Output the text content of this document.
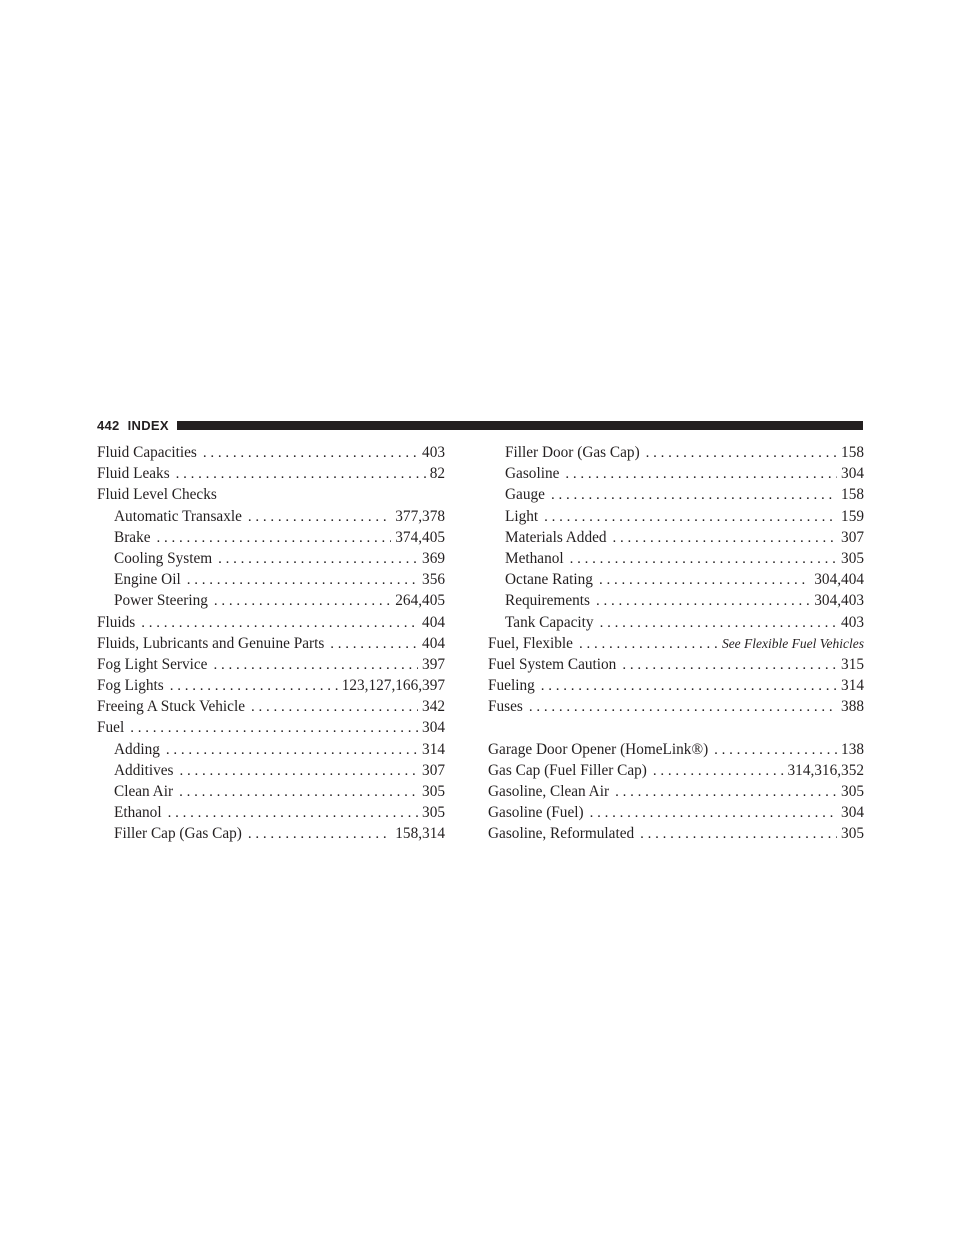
442 INDEX
Fluid Capacities . . .	403
Fluid Leaks . . .	82
Fluid Level Checks
Automatic Transaxle . . .	377,378
Brake . . .	374,405
Cooling System . . .	369
Engine Oil . . .	356
Power Steering . . .	264,405
Fluids . . .	404
Fluids, Lubricants and Genuine Parts . . .	404
Fog Light Service . . .	397
Fog Lights . . .	123,127,166,397
Freeing A Stuck Vehicle . . .	342
Fuel . . .	304
Adding . . .	314
Additives . . .	307
Clean Air . . .	305
Ethanol . . .	305
Filler Cap (Gas Cap) . . .	158,314
Filler Door (Gas Cap) . . .	158
Gasoline . . .	304
Gauge . . .	158
Light . . .	159
Materials Added . . .	307
Methanol . . .	305
Octane Rating . . .	304,404
Requirements . . .	304,403
Tank Capacity . . .	403
Fuel, Flexible . . .	See Flexible Fuel Vehicles
Fuel System Caution . . .	315
Fueling . . .	314
Fuses . . .	388
Garage Door Opener (HomeLink®) . . .	138
Gas Cap (Fuel Filler Cap) . . .	314,316,352
Gasoline, Clean Air . . .	305
Gasoline (Fuel) . . .	304
Gasoline, Reformulated . . .	305
